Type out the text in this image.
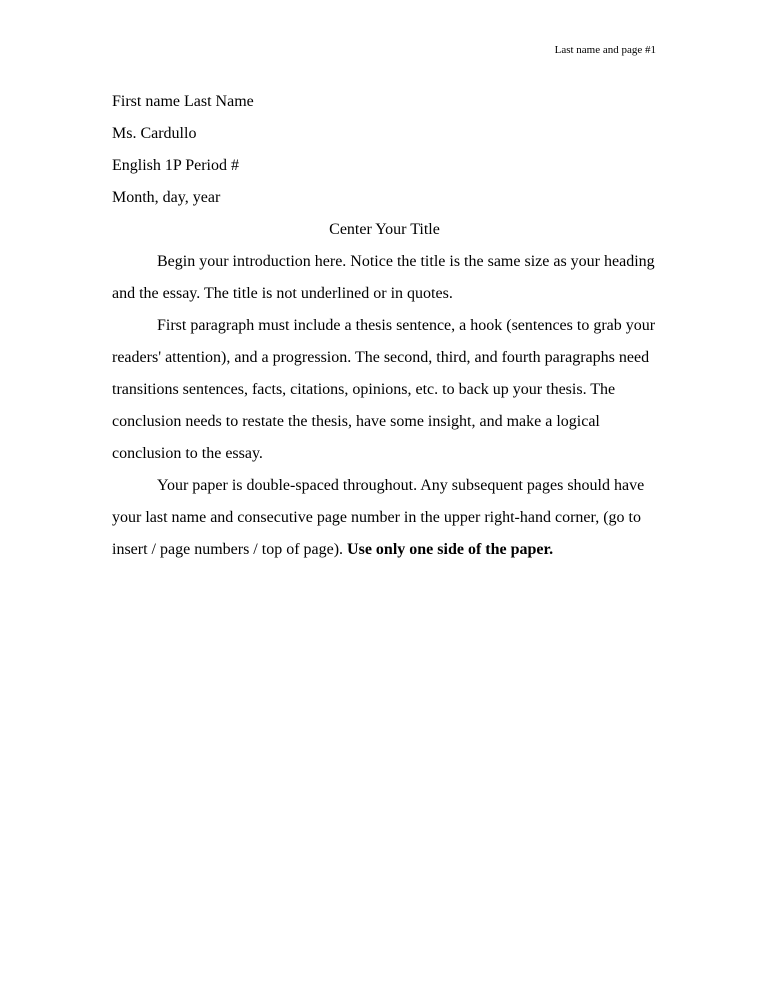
Last name and page #1

First name Last Name

Ms. Cardullo

English 1P Period #

Month, day, year

Center Your Title

Begin your introduction here. Notice the title is the same size as your heading and the essay. The title is not underlined or in quotes.

First paragraph must include a thesis sentence, a hook (sentences to grab your readers' attention), and a progression. The second, third, and fourth paragraphs need transitions sentences, facts, citations, opinions, etc. to back up your thesis. The conclusion needs to restate the thesis, have some insight, and make a logical conclusion to the essay.

Your paper is double-spaced throughout. Any subsequent pages should have your last name and consecutive page number in the upper right-hand corner, (go to insert / page numbers / top of page). Use only one side of the paper.
